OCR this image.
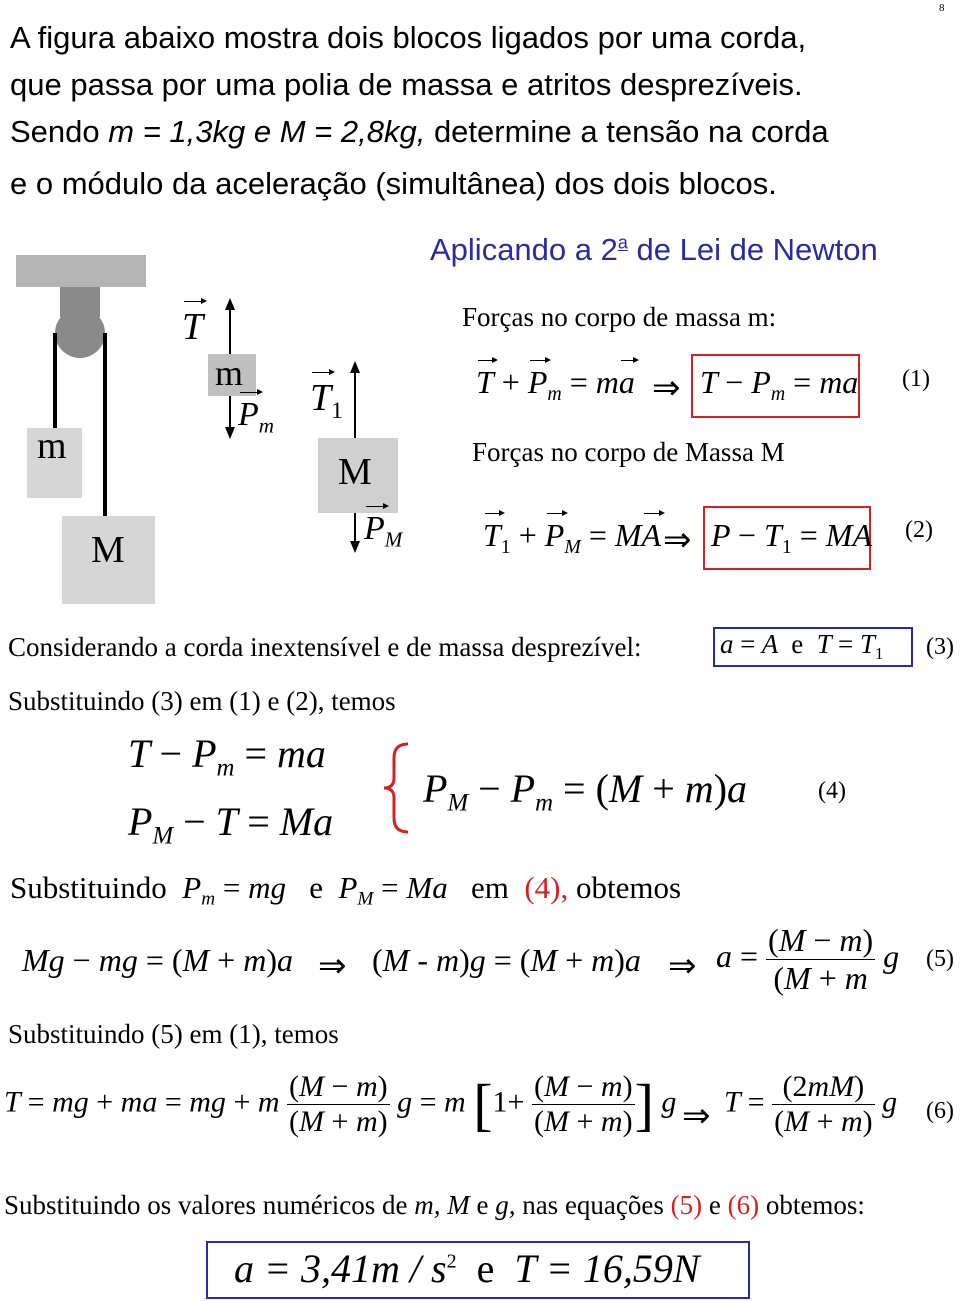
8
A figura abaixo mostra dois blocos ligados por uma corda,
que passa por uma polia de massa e atritos desprezíveis.
Sendo m = 1,3kg e M = 2,8kg, determine a tensão na corda
e o módulo da aceleração (simultânea) dos dois blocos.
Aplicando a 2$^a$ de Lei de Newton
m
M
m
M
T
$P_m$
$T_1$
$P_M$
Forças no corpo de massa m:
$T + P_m$ = ma ⇒ $T - P_m$ = ma (1)
Forças no corpo de Massa M
$T_1 + P_M$ = MA ⇒ $P - T_1$ = MA (2)
Considerando a corda inextensível e de massa desprezível:	a = A  e  $T = T_1$ (3)
Substituindo (3) em (1) e (2), temos
$T - P_m$ = ma
$P_M - T = Ma$
$P_M - P_m = (M + m)a$	(4)
Substituindo $P_m$ = mg e $P_M = Ma$ em (4), obtemos
Mg − mg = (M + m)a ⇒ (M - m)g = (M + m)a ⇒ $a = \frac{(M - m)}{(M + m}$ g (5)
Substituindo (5) em (1), temos
T = mg + ma = mg + m $\frac{(M - m)}{(M + m)}$ g = m [$1+ \frac{(M - m)}{(M + m)}$ ] g ⇒ $T = \frac{(2mM)}{(M + m)}$ g (6)
Substituindo os valores numéricos de m, M e g, nas equações (5) e (6) obtemos:
$a = 3,41m / s^2$ e T = 16,59N
